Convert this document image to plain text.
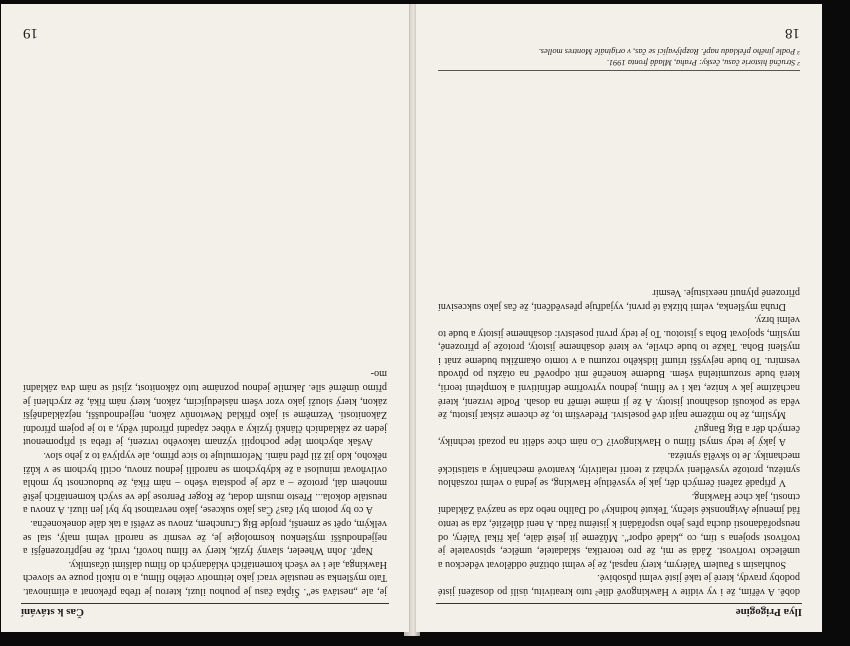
Čas k stávání

je, ale „nestává se“. Šipka času je pouhou iluzí, kterou je třeba překonat a eliminovat. Tato myšlenka se neustále vrací jako leitmotiv celého filmu, a to nikoli pouze ve slovech Hawkinga, ale i ve všech komentářích vkládaných do filmu dalšími účastníky.

Např. John Wheeler, slavný fyzik, který ve filmu hovoří, tvrdí, že nejpřirozenější a nejjednodušší myšlenkou kosmologie je, že vesmír se narodil velmi malý, stal se velkým, opět se zmenší, projde Big Crunchem, znovu se zvětší a tak dále donekonečna.

A co by potom byl čas? Čas jako sukcese, jako nevratnost by byl jen iluzí. A znovu a neustále dokola... Přesto musím dodat, že Roger Penrose jde ve svých komentářích ještě mnohem dál, protože – a zde je podstata všeho – nám říká, že budoucnost by mohla ovlivňovat minulost a že kdybychom se narodili jednou znovu, ocitli bychom se v kůži někoho, kdo již žil před námi. Neformuluje to sice přímo, ale vyplývá to z jeho slov.

Avšak abychom lépe pochopili význam takového tvrzení, je třeba si připomenout jeden ze základních článků fyziky a vůbec západní přírodní vědy, a to je pojem přírodní Zákonitosti. Vezměme si jako příklad Newtonův zákon, nejjednodušší, nejzákladnější zákon, který slouží jako vzor všem následujícím, zákon, který nám říká, že zrychlení je přímo úměrné síle. Jakmile jednou poznáme tuto zákonitost, zjistí se nám dva základní mo-

19
Ilya Prigogine

době. A věřím, že i vy vidíte v Hawkingově díle² tuto kreativitu, úsilí po dosažení jisté podoby pravdy, které je také jisté velmi působivé.

Souhlasím s Paulem Valérym, který napsal, že je velmi obtížné oddělovat vědeckou a umělecko tvořivost. Žádá se mi, že pro teoretika, skladatele, umělce, spisovatele je tvořivost spojena s tím, co „kladé odpor“. Můžeme jít ještě dále, jak říkal Valéry, od neuspořádanosti ducha přes jeho uspořádání k jistému řádu. A není důležité, zda se tento řád jmenuje Avignonské slečny, Tekuté hodinky³ od Dalího nebo zda se nazývá Základní ctnosti, jak chce Hawking.

V případě zaření černých děr, jak je vysvětluje Hawking, se jedná o velmi rozsáhlou syntézu, protože vysvětlení vychází z teorií relativity, kvantové mechaniky a statistické mechaniky. Je to skvělá syntéza.

A jaký je tedy smysl filmu o Hawkingovi? Co nám chce sdělit na pozadí techniky, černých děr a Big Bangu?

Myslím, že ho můžeme najít dvě poselství. Především to, že chceme získat jistotu, že věda se pokouší dosáhnout jistoty. A že jí máme téměř na dosah. Podle tvrzení, které nacházíme jak v knize, tak i ve filmu, jednou vytvoříme definitivní a kompletní teorii, která bude srozumitelná všem. Budeme konečně mít odpověď na otázku po původu vesmíru. To bude nejvyšší triumf lidského rozumu a v tomto okamžiku budeme znát i myšlení Boha. Takže to bude chvíle, ve které dosáhneme jistoty, protože je přirozené, myslím, spojovat Boha s jistotou. To je tedy první poselství: dosáhneme jistoty a bude to velmi brzy.

Druhá myšlenka, velmi blízká té první, vyjadřuje přesvědčení, že čas jako sukcesivní přirozené plynutí neexistuje. Vesmír

² Stručná historie času, česky: Praha, Mladá fronta 1991.
³ Podle jiného překladu např. Rozplývající se čas, v originále Montres molles.
18
